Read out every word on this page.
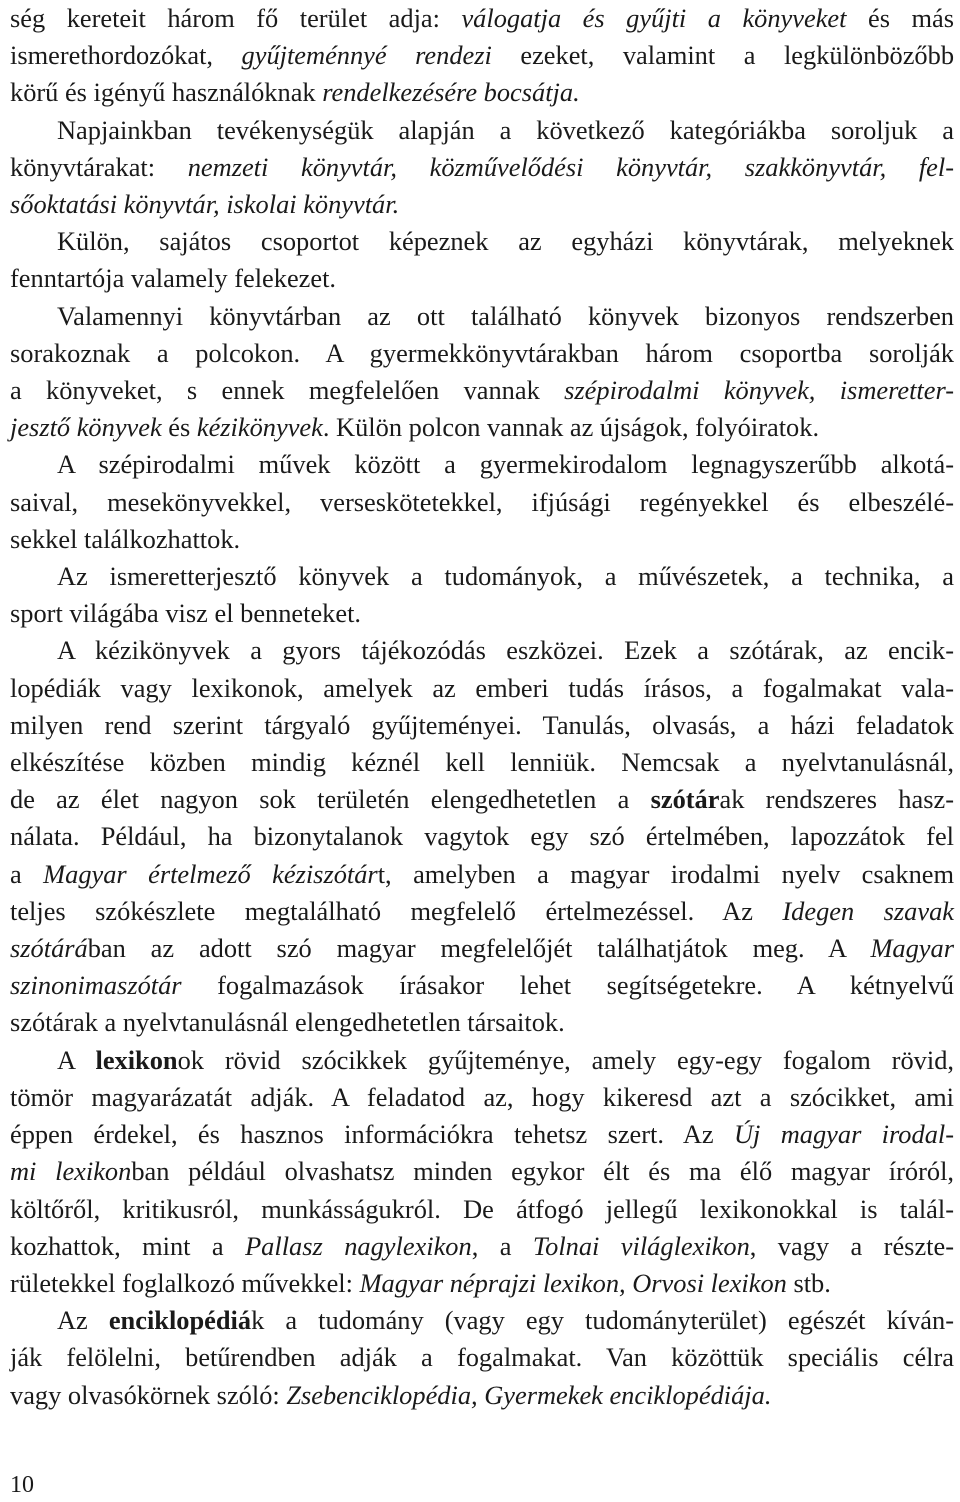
ség kereteit három fő terület adja: válogatja és gyűjti a könyveket és más
ismerethordozókat, gyűjteménnyé rendezi ezeket, valamint a legkülönbözőbb
körű és igényű használóknak rendelkezésére bocsátja.
Napjainkban tevékenységük alapján a következő kategóriákba soroljuk a
könyvtárakat: nemzeti könyvtár, közművelődési könyvtár, szakkönyvtár, fel-
sőoktatási könyvtár, iskolai könyvtár.
Külön, sajátos csoportot képeznek az egyházi könyvtárak, melyeknek
fenntartója valamely felekezet.
Valamennyi könyvtárban az ott található könyvek bizonyos rendszerben
sorakoznak a polcokon. A gyermekkönyvtárakban három csoportba sorolják
a könyveket, s ennek megfelelően vannak szépirodalmi könyvek, ismeretter-
jesztő könyvek és kézikönyvek. Külön polcon vannak az újságok, folyóiratok.
A szépirodalmi művek között a gyermekirodalom legnagyszerűbb alkotá-
saival, mesekönyvekkel, verseskötetekkel, ifjúsági regényekkel és elbeszélé-
sekkel találkozhattok.
Az ismeretterjesztő könyvek a tudományok, a művészetek, a technika, a
sport világába visz el benneteket.
A kézikönyvek a gyors tájékozódás eszközei. Ezek a szótárak, az encik-
lopédiák vagy lexikonok, amelyek az emberi tudás írásos, a fogalmakat vala-
milyen rend szerint tárgyaló gyűjteményei. Tanulás, olvasás, a házi feladatok
elkészítése közben mindig kéznél kell lenniük. Nemcsak a nyelvtanulásnál,
de az élet nagyon sok területén elengedhetetlen a szótárak rendszeres hasz-
nálata. Például, ha bizonytalanok vagytok egy szó értelmében, lapozzátok fel
a Magyar értelmező kéziszótárt, amelyben a magyar irodalmi nyelv csaknem
teljes szókészlete megtalálható megfelelő értelmezéssel. Az Idegen szavak
szótárában az adott szó magyar megfelelőjét találhatjátok meg. A Magyar
szinonimaszótár fogalmazások írásakor lehet segítségetekre. A kétnyelvű
szótárak a nyelvtanulásnál elengedhetetlen társaitok.
A lexikonok rövid szócikkek gyűjteménye, amely egy-egy fogalom rövid,
tömör magyarázatát adják. A feladatod az, hogy kikeresd azt a szócikket, ami
éppen érdekel, és hasznos információkra tehetsz szert. Az Új magyar irodal-
mi lexikonban például olvashatsz minden egykor élt és ma élő magyar íróról,
költőről, kritikusról, munkásságukról. De átfogó jellegű lexikonokkal is talál-
kozhattok, mint a Pallasz nagylexikon, a Tolnai világlexikon, vagy a részte-
rületekkel foglalkozó művekkel: Magyar néprajzi lexikon, Orvosi lexikon stb.
Az enciklopédiák a tudomány (vagy egy tudományterület) egészét kíván-
ják felölelni, betűrendben adják a fogalmakat. Van közöttük speciális célra
vagy olvasókörnek szóló: Zsebenciklopédia, Gyermekek enciklopédiája.
10
